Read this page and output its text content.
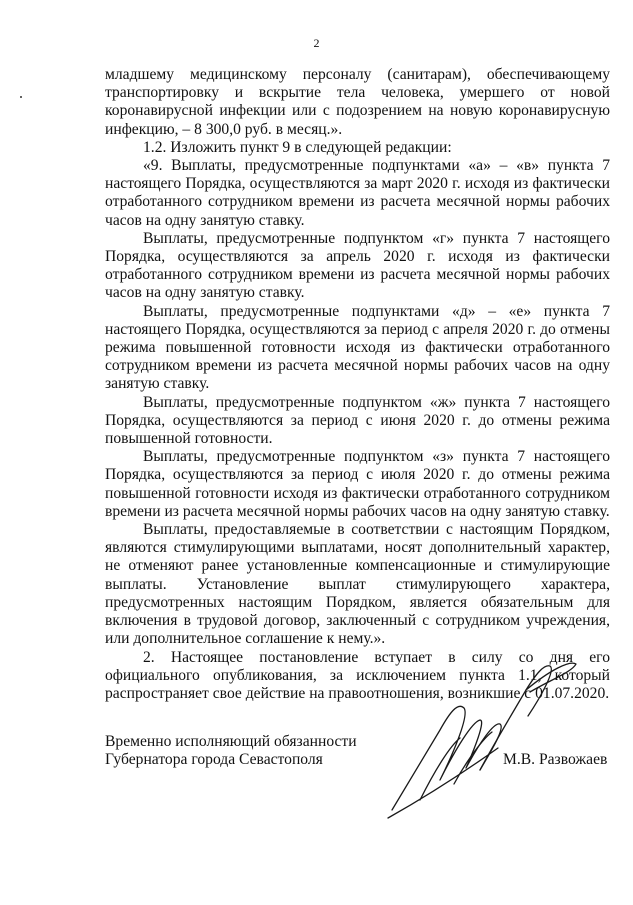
2

младшему медицинскому персоналу (санитарам), обеспечивающему транспортировку и вскрытие тела человека, умершего от новой коронавирусной инфекции или с подозрением на новую коронавирусную инфекцию, – 8 300,0 руб. в месяц.».

1.2. Изложить пункт 9 в следующей редакции:

«9. Выплаты, предусмотренные подпунктами «а» – «в» пункта 7 настоящего Порядка, осуществляются за март 2020 г. исходя из фактически отработанного сотрудником времени из расчета месячной нормы рабочих часов на одну занятую ставку.

Выплаты, предусмотренные подпунктом «г» пункта 7 настоящего Порядка, осуществляются за апрель 2020 г. исходя из фактически отработанного сотрудником времени из расчета месячной нормы рабочих часов на одну занятую ставку.

Выплаты, предусмотренные подпунктами «д» – «е» пункта 7 настоящего Порядка, осуществляются за период с апреля 2020 г. до отмены режима повышенной готовности исходя из фактически отработанного сотрудником времени из расчета месячной нормы рабочих часов на одну занятую ставку.

Выплаты, предусмотренные подпунктом «ж» пункта 7 настоящего Порядка, осуществляются за период с июня 2020 г. до отмены режима повышенной готовности.

Выплаты, предусмотренные подпунктом «з» пункта 7 настоящего Порядка, осуществляются за период с июля 2020 г. до отмены режима повышенной готовности исходя из фактически отработанного сотрудником времени из расчета месячной нормы рабочих часов на одну занятую ставку.

Выплаты, предоставляемые в соответствии с настоящим Порядком, являются стимулирующими выплатами, носят дополнительный характер, не отменяют ранее установленные компенсационные и стимулирующие выплаты. Установление выплат стимулирующего характера, предусмотренных настоящим Порядком, является обязательным для включения в трудовой договор, заключенный с сотрудником учреждения, или дополнительное соглашение к нему.».

2. Настоящее постановление вступает в силу со дня его официального опубликования, за исключением пункта 1.1, который распространяет свое действие на правоотношения, возникшие с 01.07.2020.

Временно исполняющий обязанности
Губернатора города Севастополя	М.В. Развожаев
